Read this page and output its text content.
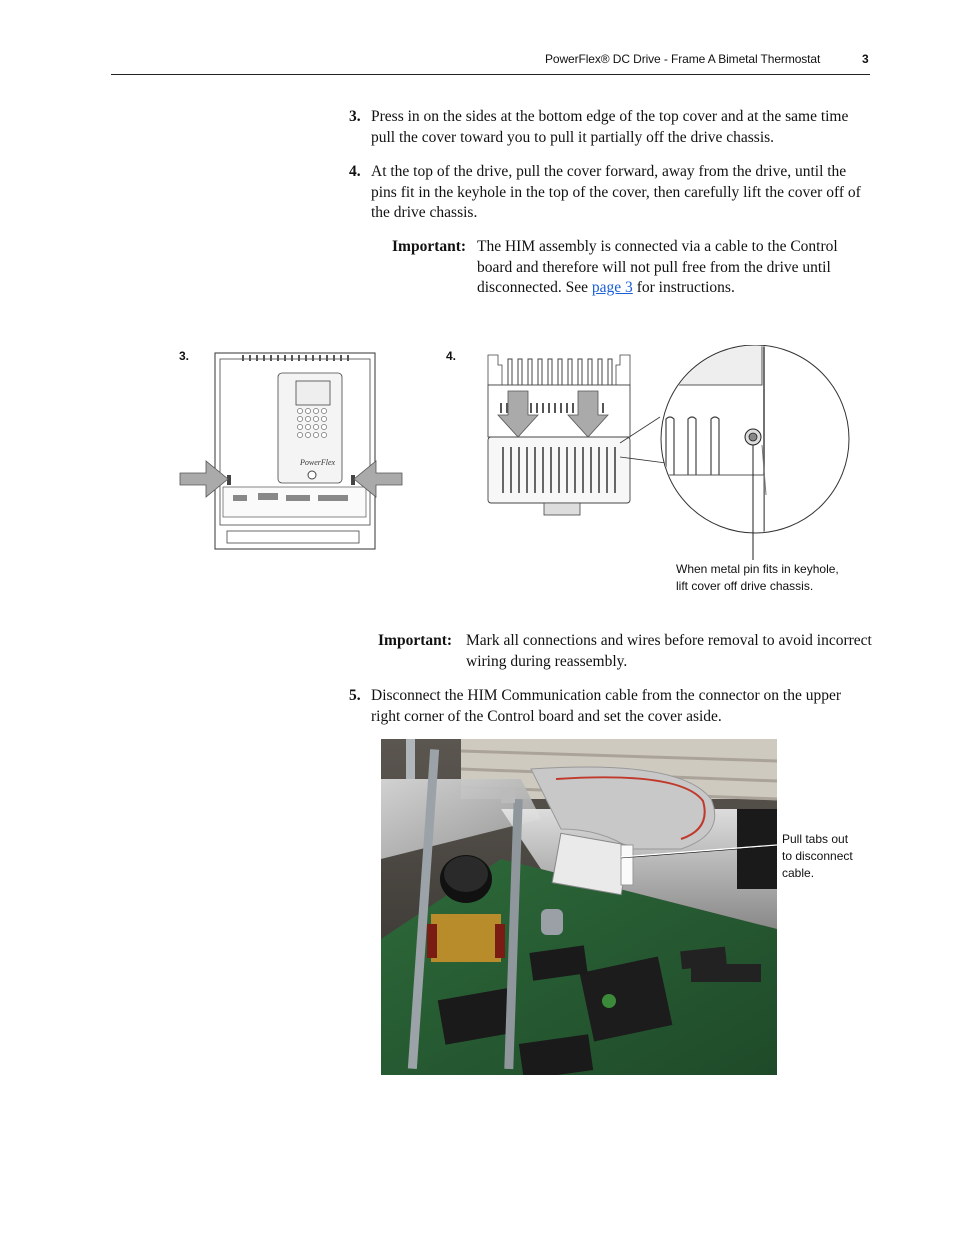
PowerFlex® DC Drive - Frame A Bimetal Thermostat	3
3. Press in on the sides at the bottom edge of the top cover and at the same time pull the cover toward you to pull it partially off the drive chassis.
4. At the top of the drive, pull the cover forward, away from the drive, until the pins fit in the keyhole in the top of the cover, then carefully lift the cover off of the drive chassis.
Important: The HIM assembly is connected via a cable to the Control board and therefore will not pull free from the drive until disconnected. See page 3 for instructions.
3.	4.
PowerFlex
When metal pin fits in keyhole,
lift cover off drive chassis.
Important: Mark all connections and wires before removal to avoid incorrect wiring during reassembly.
5. Disconnect the HIM Communication cable from the connector on the upper right corner of the Control board and set the cover aside.
Pull tabs out
to disconnect
cable.
